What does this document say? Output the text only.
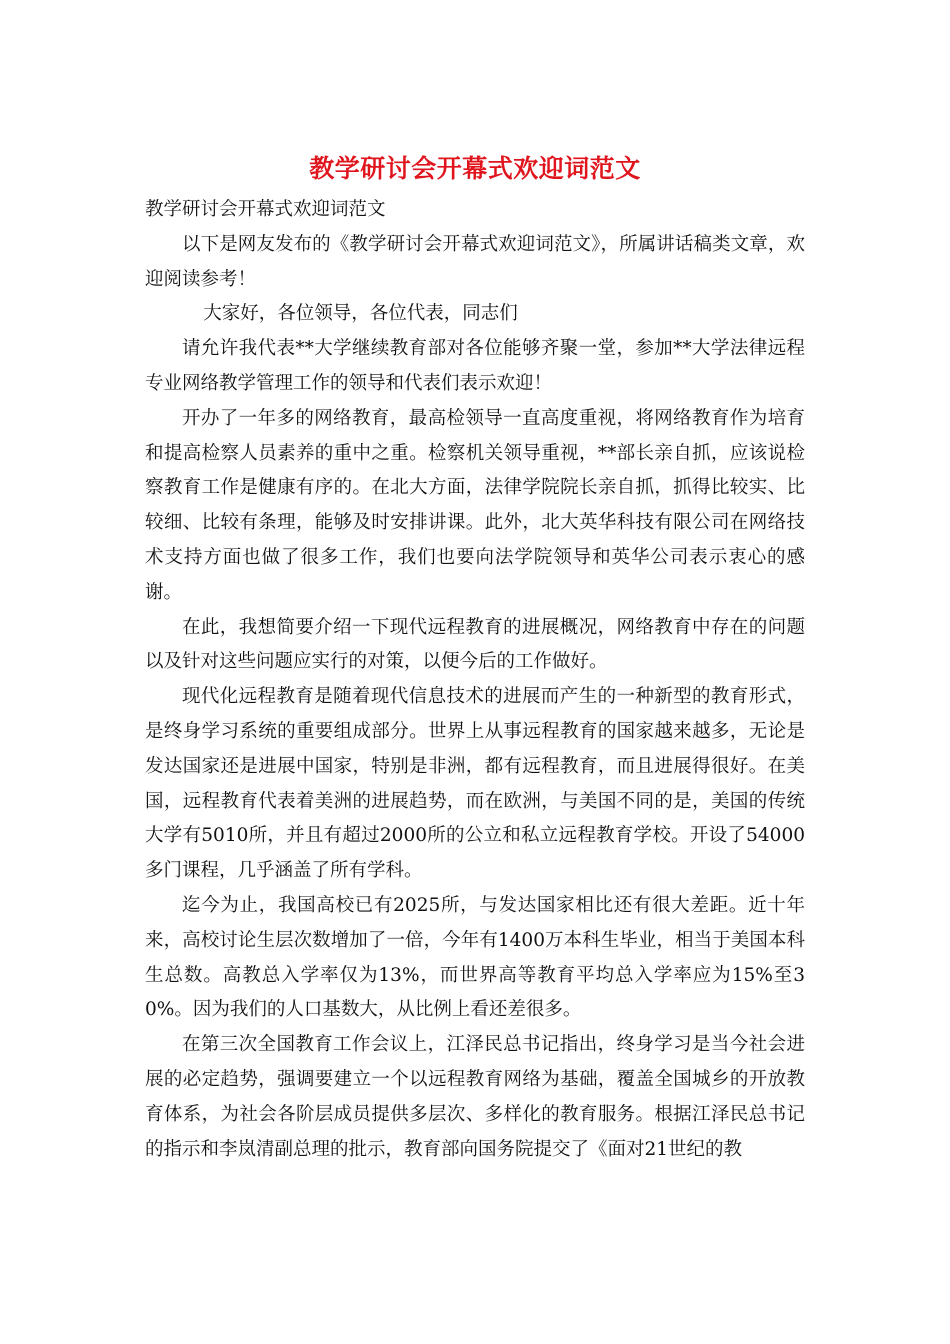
教学研讨会开幕式欢迎词范文

教学研讨会开幕式欢迎词范文

以下是网友发布的《教学研讨会开幕式欢迎词范文》，所属讲话稿类文章，欢迎阅读参考！

大家好，各位领导，各位代表，同志们

请允许我代表**大学继续教育部对各位能够齐聚一堂，参加**大学法律远程专业网络教学管理工作的领导和代表们表示欢迎！

开办了一年多的网络教育，最高检领导一直高度重视，将网络教育作为培育和提高检察人员素养的重中之重。检察机关领导重视，**部长亲自抓，应该说检察教育工作是健康有序的。在北大方面，法律学院院长亲自抓，抓得比较实、比较细、比较有条理，能够及时安排讲课。此外，北大英华科技有限公司在网络技术支持方面也做了很多工作，我们也要向法学院领导和英华公司表示衷心的感谢。

在此，我想简要介绍一下现代远程教育的进展概况，网络教育中存在的问题以及针对这些问题应实行的对策，以便今后的工作做好。

现代化远程教育是随着现代信息技术的进展而产生的一种新型的教育形式，是终身学习系统的重要组成部分。世界上从事远程教育的国家越来越多，无论是发达国家还是进展中国家，特别是非洲，都有远程教育，而且进展得很好。在美国，远程教育代表着美洲的进展趋势，而在欧洲，与美国不同的是，美国的传统大学有5010所，并且有超过2000所的公立和私立远程教育学校。开设了54000多门课程，几乎涵盖了所有学科。

迄今为止，我国高校已有2025所，与发达国家相比还有很大差距。近十年来，高校讨论生层次数增加了一倍，今年有1400万本科生毕业，相当于美国本科生总数。高教总入学率仅为13%，而世界高等教育平均总入学率应为15%至30%。因为我们的人口基数大，从比例上看还差很多。

在第三次全国教育工作会议上，江泽民总书记指出，终身学习是当今社会进展的必定趋势，强调要建立一个以远程教育网络为基础，覆盖全国城乡的开放教育体系，为社会各阶层成员提供多层次、多样化的教育服务。根据江泽民总书记的指示和李岚清副总理的批示，教育部向国务院提交了《面对21世纪的教
